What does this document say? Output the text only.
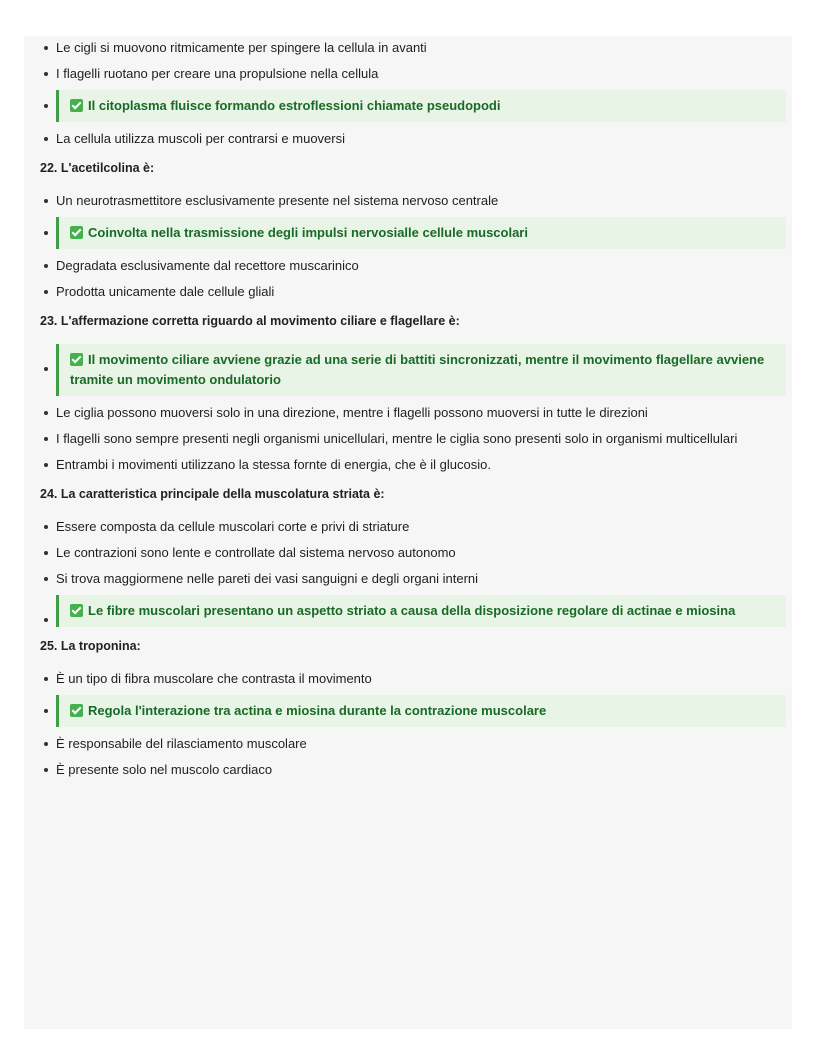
Le cigli si muovono ritmicamente per spingere la cellula in avanti
I flagelli ruotano per creare una propulsione nella cellula
Il citoplasma fluisce formando estroflessioni chiamate pseudopodi
La cellula utilizza muscoli per contrarsi e muoversi
22. L'acetilcolina è:
Un neurotrasmettitore esclusivamente presente nel sistema nervoso centrale
Coinvolta nella trasmissione degli impulsi nervosialle cellule muscolari
Degradata esclusivamente dal recettore muscarinico
Prodotta unicamente dale cellule gliali
23. L'affermazione corretta riguardo al movimento ciliare e flagellare è:
Il movimento ciliare avviene grazie ad una serie di battiti sincronizzati, mentre il movimento flagellare avviene tramite un movimento ondulatorio
Le ciglia possono muoversi solo in una direzione, mentre i flagelli possono muoversi in tutte le direzioni
I flagelli sono sempre presenti negli organismi unicellulari, mentre le ciglia sono presenti solo in organismi multicellulari
Entrambi i movimenti utilizzano la stessa fornte di energia, che è il glucosio.
24. La caratteristica principale della muscolatura striata è:
Essere composta da cellule muscolari corte e privi di striature
Le contrazioni sono lente e controllate dal sistema nervoso autonomo
Si trova maggiormene nelle pareti dei vasi sanguigni e degli organi interni
Le fibre muscolari presentano un aspetto striato a causa della disposizione regolare di actinae e miosina
25. La troponina:
È un tipo di fibra muscolare che contrasta il movimento
Regola l'interazione tra actina e miosina durante la contrazione muscolare
È responsabile del rilasciamento muscolare
È presente solo nel muscolo cardiaco
